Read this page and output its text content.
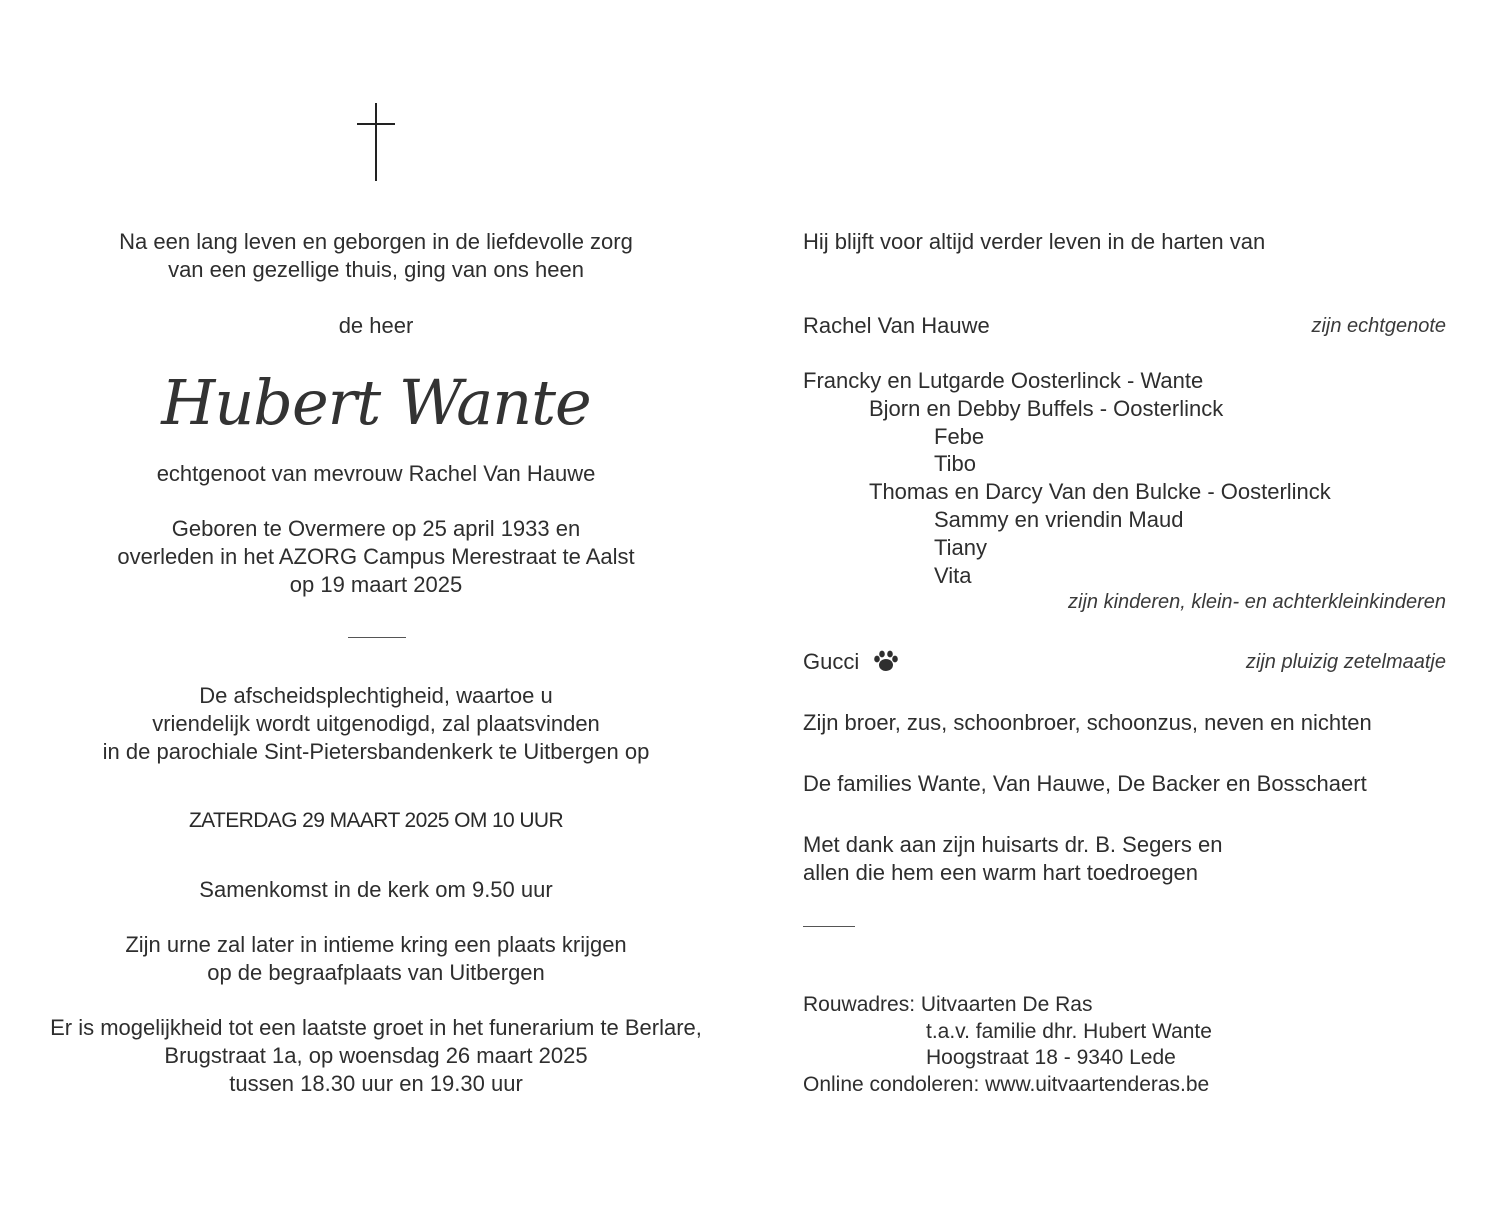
Na een lang leven en geborgen in de liefdevolle zorg
van een gezellige thuis, ging van ons heen
de heer
Hubert Wante
echtgenoot van mevrouw Rachel Van Hauwe
Geboren te Overmere op 25 april 1933 en
overleden in het AZORG Campus Merestraat te Aalst
op 19 maart 2025
De afscheidsplechtigheid, waartoe u
vriendelijk wordt uitgenodigd, zal plaatsvinden
in de parochiale Sint-Pietersbandenkerk te Uitbergen op
ZATERDAG 29 MAART 2025 OM 10 UUR
Samenkomst in de kerk om 9.50 uur
Zijn urne zal later in intieme kring een plaats krijgen
op de begraafplaats van Uitbergen
Er is mogelijkheid tot een laatste groet in het funerarium te Berlare,
Brugstraat 1a, op woensdag 26 maart 2025
tussen 18.30 uur en 19.30 uur
Hij blijft voor altijd verder leven in de harten van
Rachel Van Hauwe	zijn echtgenote
Francky en Lutgarde Oosterlinck - Wante
Bjorn en Debby Buffels - Oosterlinck
Febe
Tibo
Thomas en Darcy Van den Bulcke - Oosterlinck
Sammy en vriendin Maud
Tiany
Vita
zijn kinderen, klein- en achterkleinkinderen
Gucci	zijn pluizig zetelmaatje
Zijn broer, zus, schoonbroer, schoonzus, neven en nichten
De families Wante, Van Hauwe, De Backer en Bosschaert
Met dank aan zijn huisarts dr. B. Segers en
allen die hem een warm hart toedroegen
Rouwadres: Uitvaarten De Ras
t.a.v. familie dhr. Hubert Wante
Hoogstraat 18 - 9340 Lede
Online condoleren: www.uitvaartenderas.be
